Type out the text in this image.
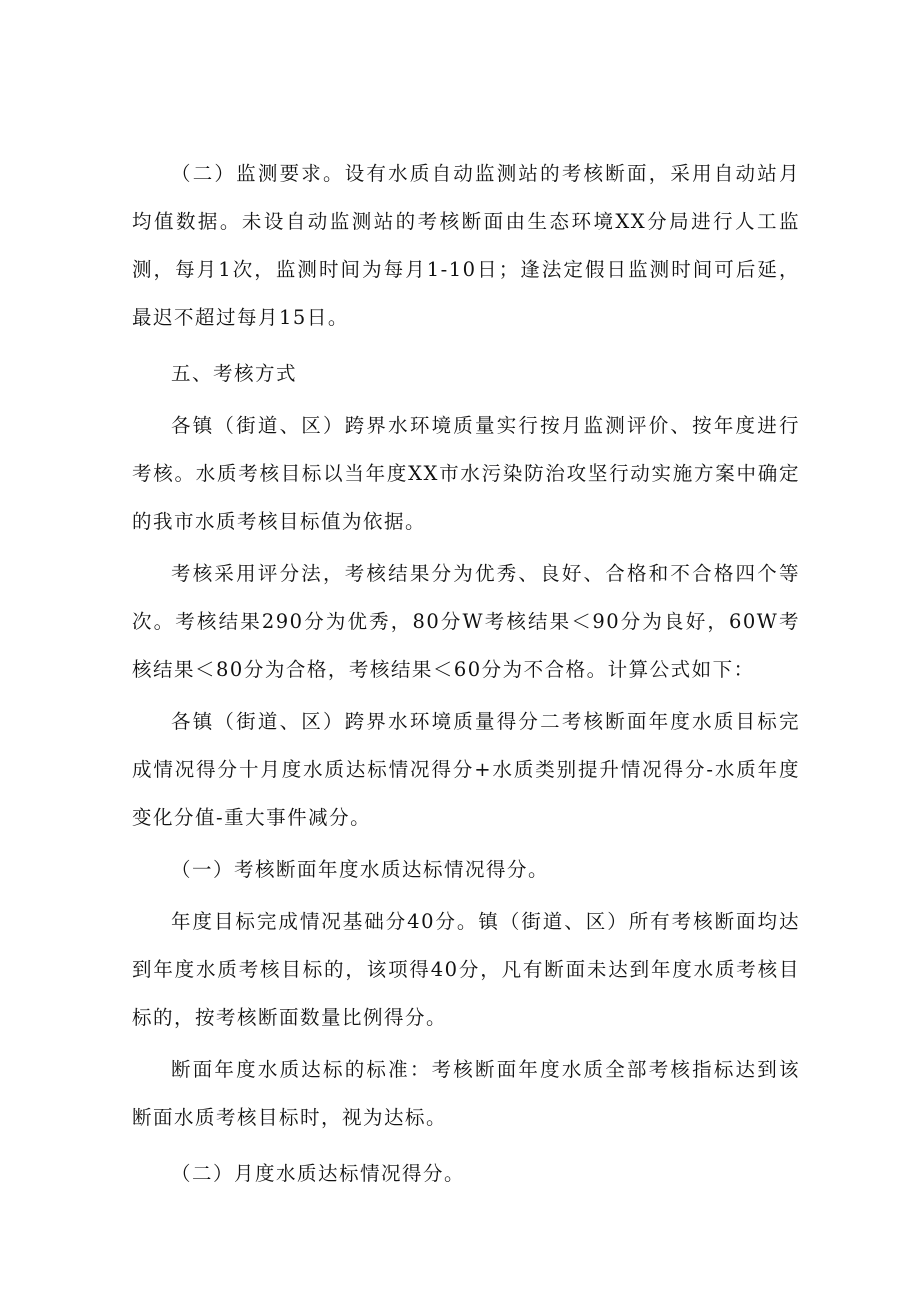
（二）监测要求。设有水质自动监测站的考核断面，采用自动站月均值数据。未设自动监测站的考核断面由生态环境XX分局进行人工监测，每月1次，监测时间为每月1-10日；逢法定假日监测时间可后延，最迟不超过每月15日。

五、考核方式

各镇（街道、区）跨界水环境质量实行按月监测评价、按年度进行考核。水质考核目标以当年度XX市水污染防治攻坚行动实施方案中确定的我市水质考核目标值为依据。

考核采用评分法，考核结果分为优秀、良好、合格和不合格四个等次。考核结果290分为优秀，80分W考核结果＜90分为良好，60W考核结果＜80分为合格，考核结果＜60分为不合格。计算公式如下：

各镇（街道、区）跨界水环境质量得分二考核断面年度水质目标完成情况得分十月度水质达标情况得分+水质类别提升情况得分-水质年度变化分值-重大事件减分。

（一）考核断面年度水质达标情况得分。

年度目标完成情况基础分40分。镇（街道、区）所有考核断面均达到年度水质考核目标的，该项得40分，凡有断面未达到年度水质考核目标的，按考核断面数量比例得分。

断面年度水质达标的标准：考核断面年度水质全部考核指标达到该断面水质考核目标时，视为达标。

（二）月度水质达标情况得分。
